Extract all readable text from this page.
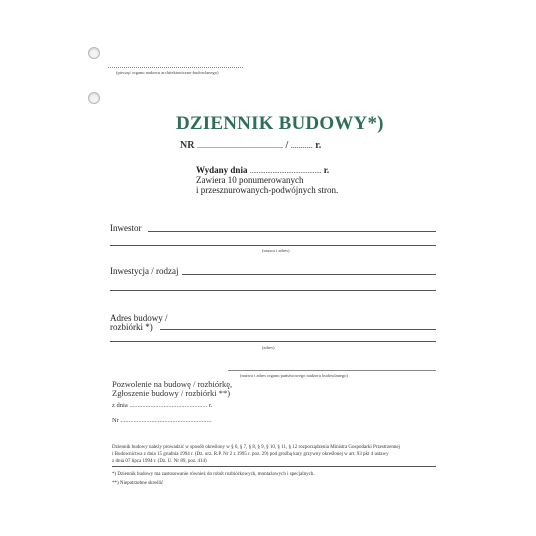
(pieczęć organu nadzoru architektoniczno-budowlanego)
DZIENNIK BUDOWY*)
NR ........................................... / ........... r.
Wydany dnia ......................................... r.
Zawiera 10 ponumerowanych
i przesznurowanych-podwójnych stron.
Inwestor
(nazwa i adres)
Inwestycja / rodzaj
Adres budowy /
rozbiórki *)
(adres)
(nazwa i adres organu państwowego nadzoru budowlanego)
Pozwolenie na budowę / rozbiórkę,
Zgłoszenie budowy / rozbiórki **)
z dnia ................................................ r.
Nr ........................................................
Dziennik budowy należy prowadzić w sposób określony w § 6, § 7, § 8, § 9, § 10, § 11, § 12 rozporządzenia Ministra Gospodarki Przestrzennej
i Budownictwa z dnia 15 grudnia 1994 r. (Dz. urz. R.P. Nr 2 z 1995 r. poz. 29) pod groźbą kary grzywny określonej w art. 93 pkt 4 ustawy
z dnia 07 lipca 1994 r. (Dz. U. Nr 89, poz. 414)
*) Dziennik budowy ma zastosowanie również do robót rozbiórkowych, montażowych i specjalnych.
**) Niepotrzebne skreślić
